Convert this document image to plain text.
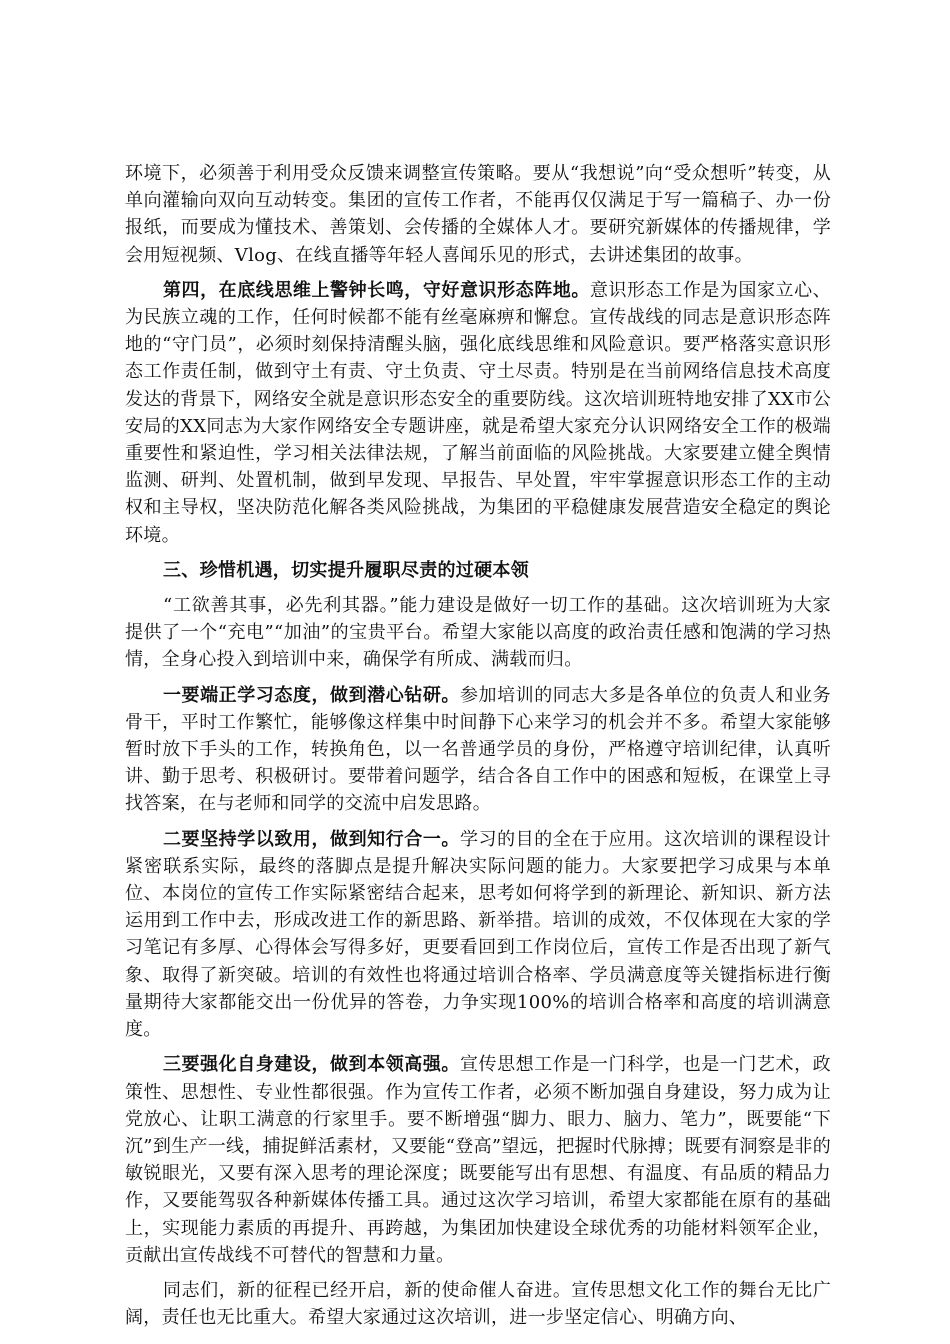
环境下，必须善于利用受众反馈来调整宣传策略。要从“我想说”向“受众想听”转变，从单向灌输向双向互动转变。集团的宣传工作者，不能再仅仅满足于写一篇稿子、办一份报纸，而要成为懂技术、善策划、会传播的全媒体人才。要研究新媒体的传播规律，学会用短视频、Vlog、在线直播等年轻人喜闻乐见的形式，去讲述集团的故事。

第四，在底线思维上警钟长鸣，守好意识形态阵地。意识形态工作是为国家立心、为民族立魂的工作，任何时候都不能有丝毫麻痹和懈怠。宣传战线的同志是意识形态阵地的“守门员”，必须时刻保持清醒头脑，强化底线思维和风险意识。要严格落实意识形态工作责任制，做到守土有责、守土负责、守土尽责。特别是在当前网络信息技术高度发达的背景下，网络安全就是意识形态安全的重要防线。这次培训班特地安排了XX市公安局的XX同志为大家作网络安全专题讲座，就是希望大家充分认识网络安全工作的极端重要性和紧迫性，学习相关法律法规，了解当前面临的风险挑战。大家要建立健全舆情监测、研判、处置机制，做到早发现、早报告、早处置，牢牢掌握意识形态工作的主动权和主导权，坚决防范化解各类风险挑战，为集团的平稳健康发展营造安全稳定的舆论环境。

三、珍惜机遇，切实提升履职尽责的过硬本领

“工欲善其事，必先利其器。”能力建设是做好一切工作的基础。这次培训班为大家提供了一个“充电”“加油”的宝贵平台。希望大家能以高度的政治责任感和饱满的学习热情，全身心投入到培训中来，确保学有所成、满载而归。

一要端正学习态度，做到潜心钻研。参加培训的同志大多是各单位的负责人和业务骨干，平时工作繁忙，能够像这样集中时间静下心来学习的机会并不多。希望大家能够暂时放下手头的工作，转换角色，以一名普通学员的身份，严格遵守培训纪律，认真听讲、勤于思考、积极研讨。要带着问题学，结合各自工作中的困惑和短板，在课堂上寻找答案，在与老师和同学的交流中启发思路。

二要坚持学以致用，做到知行合一。学习的目的全在于应用。这次培训的课程设计紧密联系实际，最终的落脚点是提升解决实际问题的能力。大家要把学习成果与本单位、本岗位的宣传工作实际紧密结合起来，思考如何将学到的新理论、新知识、新方法运用到工作中去，形成改进工作的新思路、新举措。培训的成效，不仅体现在大家的学习笔记有多厚、心得体会写得多好，更要看回到工作岗位后，宣传工作是否出现了新气象、取得了新突破。培训的有效性也将通过培训合格率、学员满意度等关键指标进行衡量期待大家都能交出一份优异的答卷，力争实现100%的培训合格率和高度的培训满意度。

三要强化自身建设，做到本领高强。宣传思想工作是一门科学，也是一门艺术，政策性、思想性、专业性都很强。作为宣传工作者，必须不断加强自身建设，努力成为让党放心、让职工满意的行家里手。要不断增强“脚力、眼力、脑力、笔力”，既要能“下沉”到生产一线，捕捉鲜活素材，又要能“登高”望远，把握时代脉搏；既要有洞察是非的敏锐眼光，又要有深入思考的理论深度；既要能写出有思想、有温度、有品质的精品力作，又要能驾驭各种新媒体传播工具。通过这次学习培训，希望大家都能在原有的基础上，实现能力素质的再提升、再跨越，为集团加快建设全球优秀的功能材料领军企业，贡献出宣传战线不可替代的智慧和力量。

同志们，新的征程已经开启，新的使命催人奋进。宣传思想文化工作的舞台无比广阔，责任也无比重大。希望大家通过这次培训，进一步坚定信心、明确方向、
